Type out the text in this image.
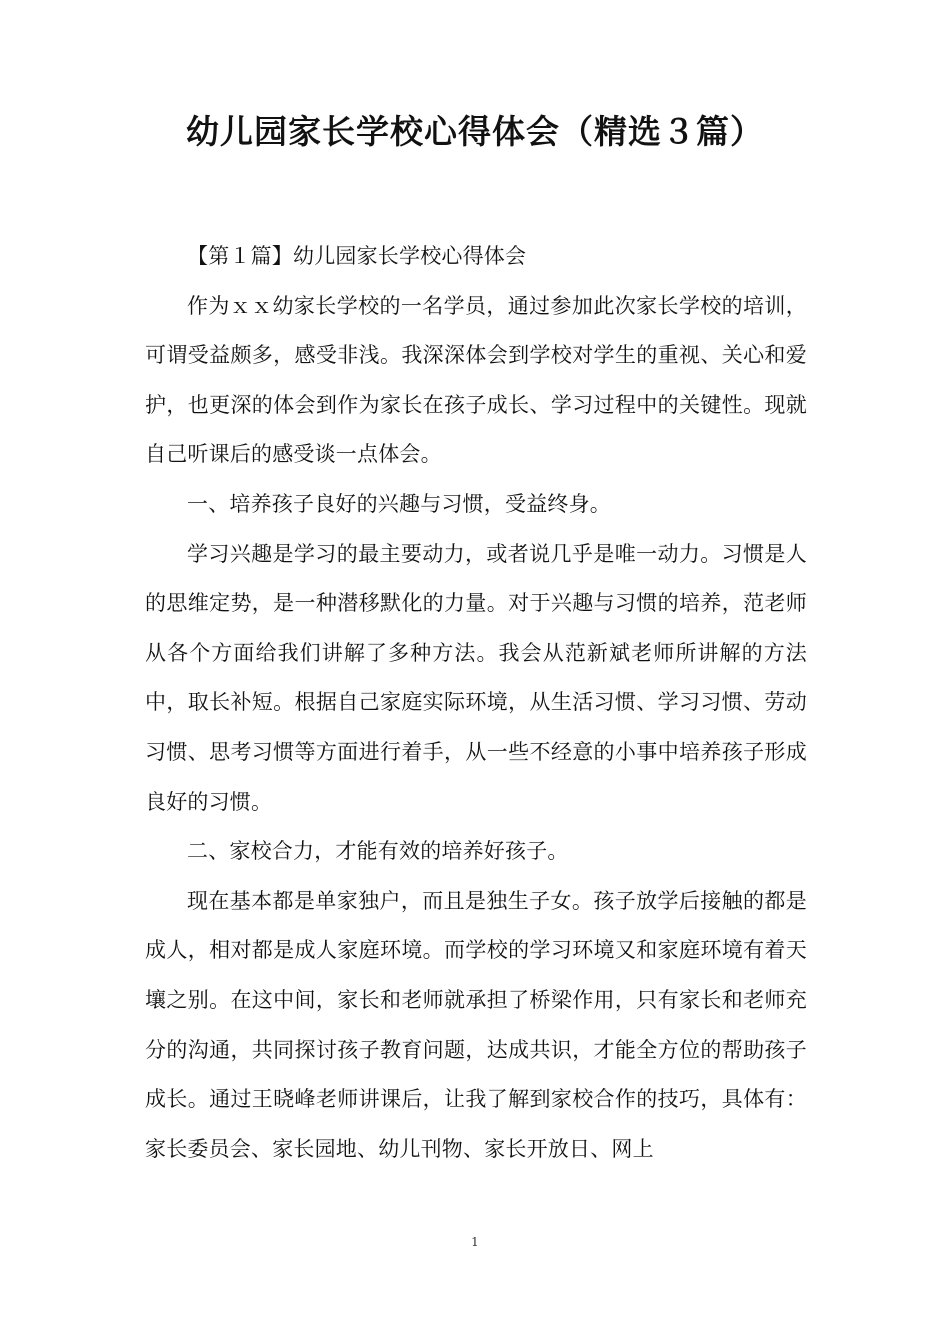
幼儿园家长学校心得体会（精选３篇）

【第１篇】幼儿园家长学校心得体会

作为ｘｘ幼家长学校的一名学员，通过参加此次家长学校的培训，可谓受益颇多，感受非浅。我深深体会到学校对学生的重视、关心和爱护，也更深的体会到作为家长在孩子成长、学习过程中的关键性。现就自己听课后的感受谈一点体会。

一、培养孩子良好的兴趣与习惯，受益终身。

学习兴趣是学习的最主要动力，或者说几乎是唯一动力。习惯是人的思维定势，是一种潜移默化的力量。对于兴趣与习惯的培养，范老师从各个方面给我们讲解了多种方法。我会从范新斌老师所讲解的方法中，取长补短。根据自己家庭实际环境，从生活习惯、学习习惯、劳动习惯、思考习惯等方面进行着手，从一些不经意的小事中培养孩子形成良好的习惯。

二、家校合力，才能有效的培养好孩子。

现在基本都是单家独户，而且是独生子女。孩子放学后接触的都是成人，相对都是成人家庭环境。而学校的学习环境又和家庭环境有着天壤之别。在这中间，家长和老师就承担了桥梁作用，只有家长和老师充分的沟通，共同探讨孩子教育问题，达成共识，才能全方位的帮助孩子成长。通过王晓峰老师讲课后，让我了解到家校合作的技巧，具体有：家长委员会、家长园地、幼儿刊物、家长开放日、网上

1
